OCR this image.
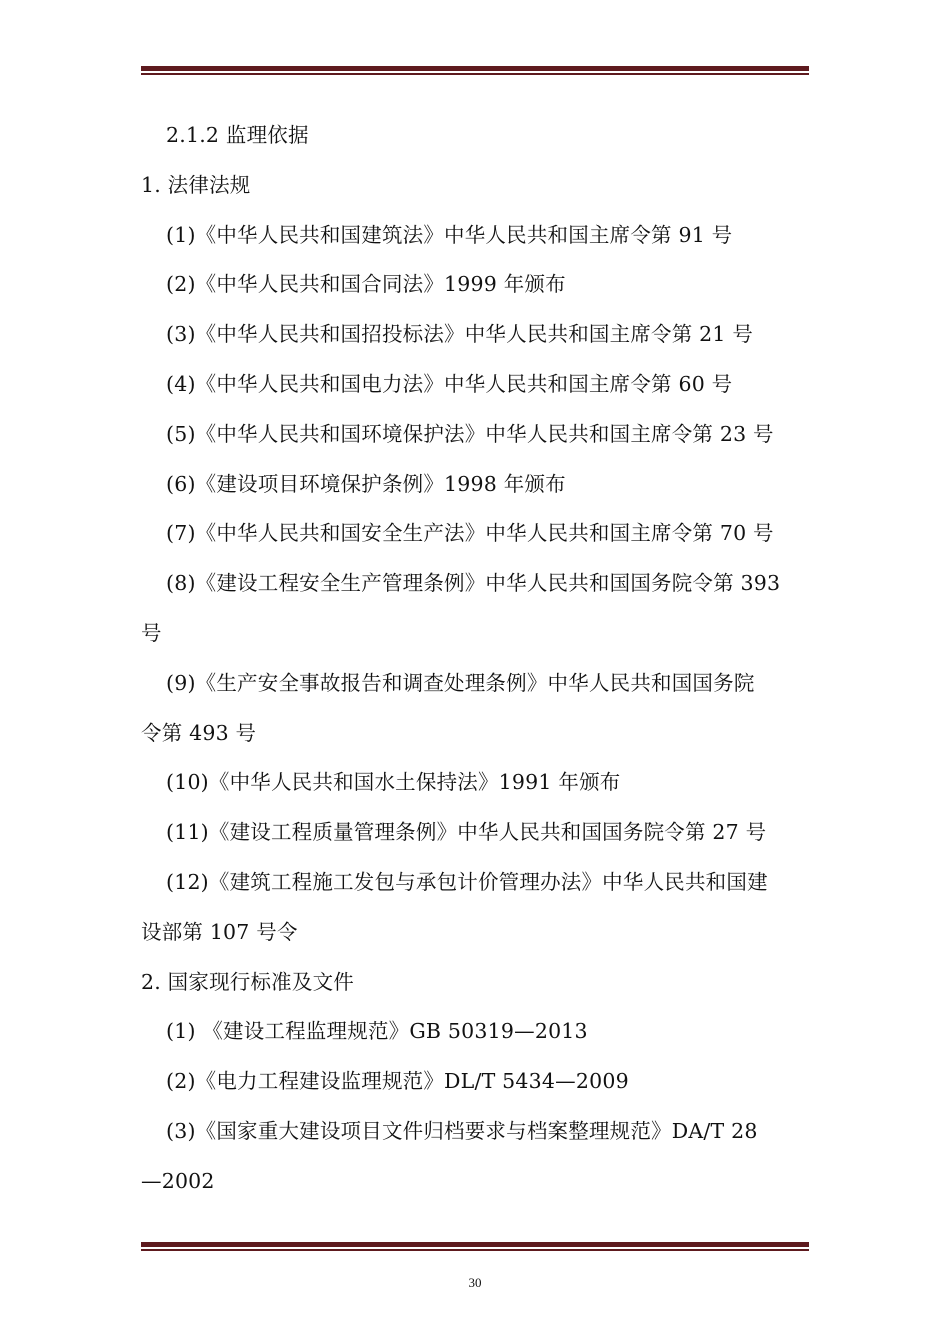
2.1.2 监理依据
1. 法律法规
(1)《中华人民共和国建筑法》中华人民共和国主席令第 91 号
(2)《中华人民共和国合同法》1999 年颁布
(3)《中华人民共和国招投标法》中华人民共和国主席令第 21 号
(4)《中华人民共和国电力法》中华人民共和国主席令第 60 号
(5)《中华人民共和国环境保护法》中华人民共和国主席令第 23 号
(6)《建设项目环境保护条例》1998 年颁布
(7)《中华人民共和国安全生产法》中华人民共和国主席令第 70 号
(8)《建设工程安全生产管理条例》中华人民共和国国务院令第 393
号
(9)《生产安全事故报告和调查处理条例》中华人民共和国国务院
令第 493 号
(10)《中华人民共和国水土保持法》1991 年颁布
(11)《建设工程质量管理条例》中华人民共和国国务院令第 27 号
(12)《建筑工程施工发包与承包计价管理办法》中华人民共和国建
设部第 107 号令
2. 国家现行标准及文件
(1) 《建设工程监理规范》GB 50319—2013
(2)《电力工程建设监理规范》DL/T 5434—2009
(3)《国家重大建设项目文件归档要求与档案整理规范》DA/T 28
—2002
30
